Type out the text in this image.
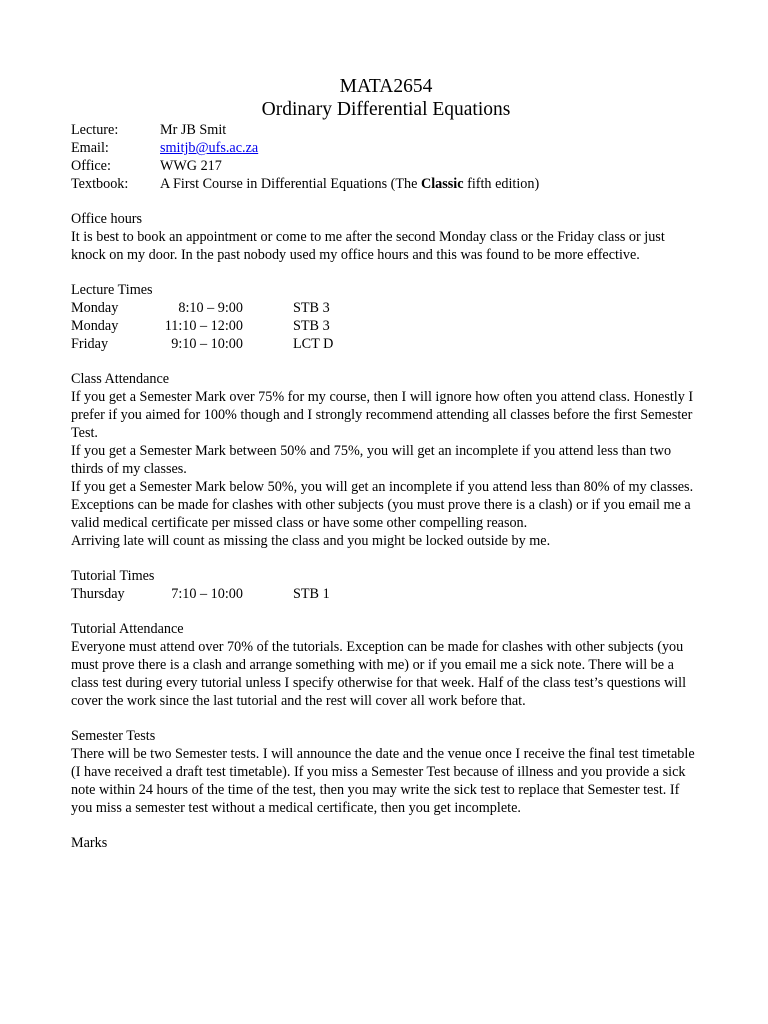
MATA2654
Ordinary Differential Equations
Lecture:	Mr JB Smit
Email:	smitjb@ufs.ac.za
Office:	WWG 217
Textbook:	A First Course in Differential Equations (The Classic fifth edition)
Office hours

It is best to book an appointment or come to me after the second Monday class or the Friday class or just knock on my door. In the past nobody used my office hours and this was found to be more effective.

Lecture Times
Monday	8:10 – 9:00	STB 3
Monday	11:10 – 12:00	STB 3
Friday	9:10 – 10:00	LCT D
Class Attendance

If you get a Semester Mark over 75% for my course, then I will ignore how often you attend class. Honestly I prefer if you aimed for 100% though and I strongly recommend attending all classes before the first Semester Test.

If you get a Semester Mark between 50% and 75%, you will get an incomplete if you attend less than two thirds of my classes.

If you get a Semester Mark below 50%, you will get an incomplete if you attend less than 80% of my classes.

Exceptions can be made for clashes with other subjects (you must prove there is a clash) or if you email me a valid medical certificate per missed class or have some other compelling reason.

Arriving late will count as missing the class and you might be locked outside by me.

Tutorial Times
Thursday	7:10 – 10:00	STB 1
Tutorial Attendance

Everyone must attend over 70% of the tutorials. Exception can be made for clashes with other subjects (you must prove there is a clash and arrange something with me) or if you email me a sick note. There will be a class test during every tutorial unless I specify otherwise for that week. Half of the class test’s questions will cover the work since the last tutorial and the rest will cover all work before that.

Semester Tests

There will be two Semester tests. I will announce the date and the venue once I receive the final test timetable (I have received a draft test timetable). If you miss a Semester Test because of illness and you provide a sick note within 24 hours of the time of the test, then you may write the sick test to replace that Semester test. If you miss a semester test without a medical certificate, then you get incomplete.

Marks
